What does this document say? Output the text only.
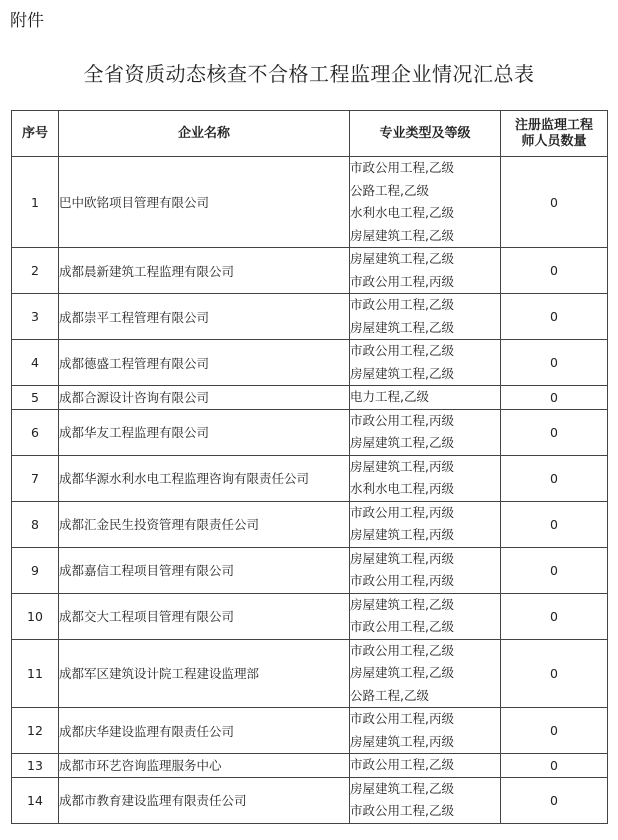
附件
全省资质动态核查不合格工程监理企业情况汇总表
序号	企业名称	专业类型及等级	注册监理工程
师人员数量

1	巴中欧铭项目管理有限公司	市政公用工程,乙级
公路工程,乙级
水利水电工程,乙级
房屋建筑工程,乙级	0
2	成都晨新建筑工程监理有限公司	房屋建筑工程,乙级
市政公用工程,丙级	0
3	成都崇平工程管理有限公司	市政公用工程,乙级
房屋建筑工程,乙级	0
4	成都德盛工程管理有限公司	市政公用工程,乙级
房屋建筑工程,乙级	0
5	成都合源设计咨询有限公司	电力工程,乙级	0
6	成都华友工程监理有限公司	市政公用工程,丙级
房屋建筑工程,乙级	0
7	成都华源水利水电工程监理咨询有限责任公司	房屋建筑工程,丙级
水利水电工程,丙级	0
8	成都汇金民生投资管理有限责任公司	市政公用工程,丙级
房屋建筑工程,丙级	0
9	成都嘉信工程项目管理有限公司	房屋建筑工程,丙级
市政公用工程,丙级	0
10	成都交大工程项目管理有限公司	房屋建筑工程,乙级
市政公用工程,乙级	0
11	成都军区建筑设计院工程建设监理部	市政公用工程,乙级
房屋建筑工程,乙级
公路工程,乙级	0
12	成都庆华建设监理有限责任公司	市政公用工程,丙级
房屋建筑工程,丙级	0
13	成都市环艺咨询监理服务中心	市政公用工程,乙级	0
14	成都市教育建设监理有限责任公司	房屋建筑工程,乙级
市政公用工程,乙级	0
